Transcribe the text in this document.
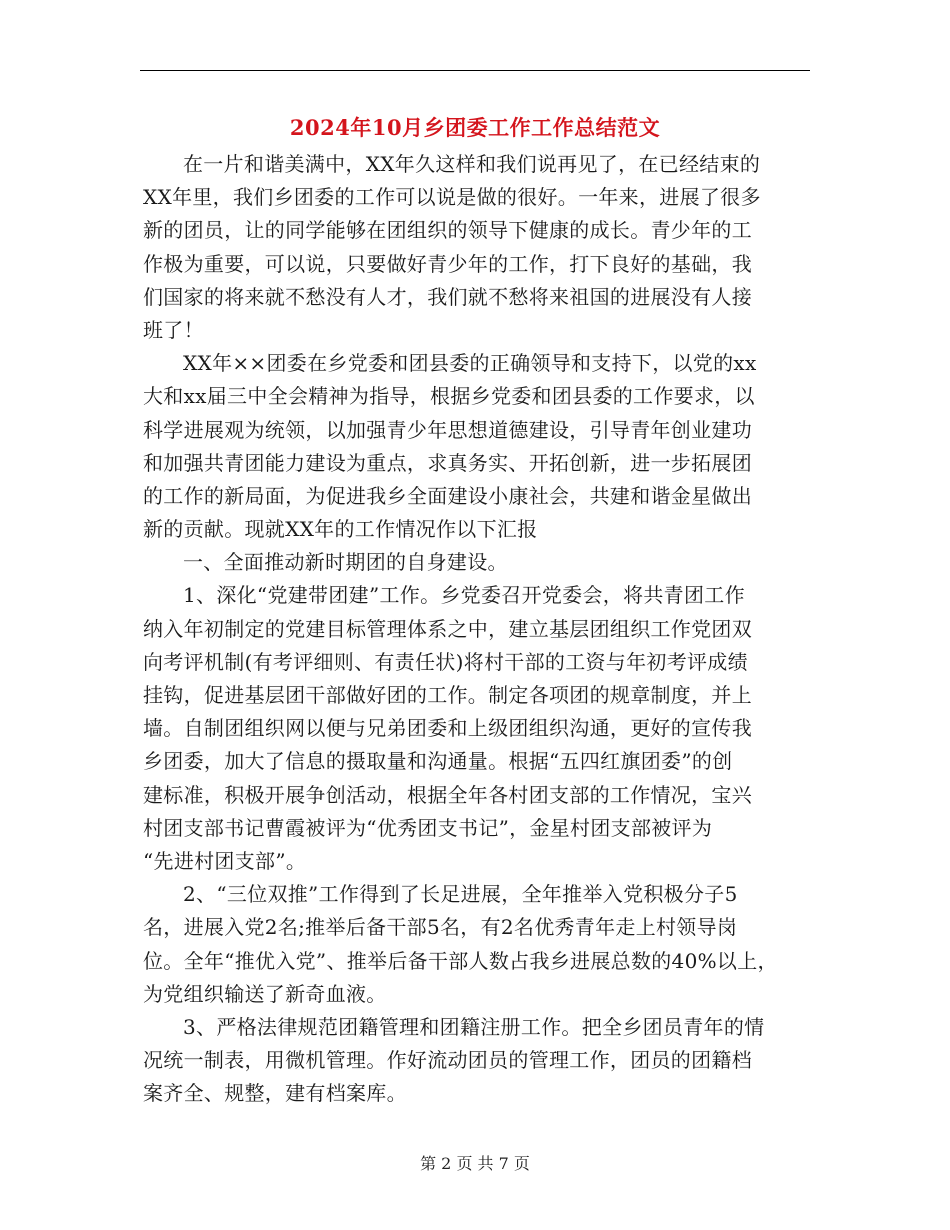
2024年10月乡团委工作工作总结范文
在一片和谐美满中，XX年久这样和我们说再见了，在已经结束的
XX年里，我们乡团委的工作可以说是做的很好。一年来，进展了很多
新的团员，让的同学能够在团组织的领导下健康的成长。青少年的工
作极为重要，可以说，只要做好青少年的工作，打下良好的基础，我
们国家的将来就不愁没有人才，我们就不愁将来祖国的进展没有人接
班了！
XX年××团委在乡党委和团县委的正确领导和支持下，以党的xx
大和xx届三中全会精神为指导，根据乡党委和团县委的工作要求，以
科学进展观为统领，以加强青少年思想道德建设，引导青年创业建功
和加强共青团能力建设为重点，求真务实、开拓创新，进一步拓展团
的工作的新局面，为促进我乡全面建设小康社会，共建和谐金星做出
新的贡献。现就XX年的工作情况作以下汇报
一、全面推动新时期团的自身建设。
1、深化“党建带团建”工作。乡党委召开党委会，将共青团工作
纳入年初制定的党建目标管理体系之中，建立基层团组织工作党团双
向考评机制(有考评细则、有责任状)将村干部的工资与年初考评成绩
挂钩，促进基层团干部做好团的工作。制定各项团的规章制度，并上
墙。自制团组织网以便与兄弟团委和上级团组织沟通，更好的宣传我
乡团委，加大了信息的摄取量和沟通量。根据“五四红旗团委”的创
建标准，积极开展争创活动，根据全年各村团支部的工作情况，宝兴
村团支部书记曹霞被评为“优秀团支书记”，金星村团支部被评为
“先进村团支部”。
2、“三位双推”工作得到了长足进展，全年推举入党积极分子5
名，进展入党2名;推举后备干部5名，有2名优秀青年走上村领导岗
位。全年“推优入党”、推举后备干部人数占我乡进展总数的40%以上，
为党组织输送了新奇血液。
3、严格法律规范团籍管理和团籍注册工作。把全乡团员青年的情
况统一制表，用微机管理。作好流动团员的管理工作，团员的团籍档
案齐全、规整，建有档案库。
第 2 页 共 7 页
